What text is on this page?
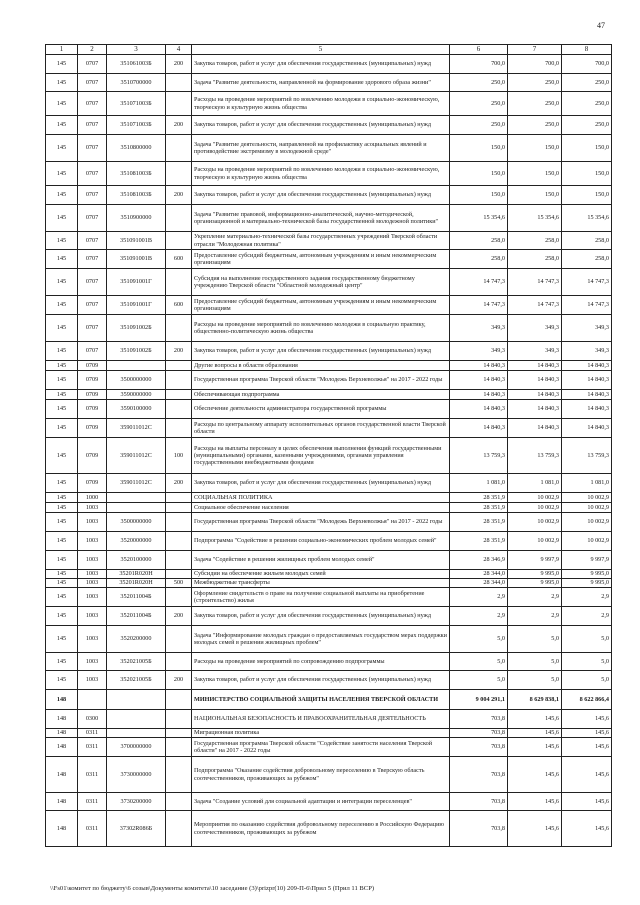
47
1	2	3	4	5	6	7	8
145	0707	351061003Б	200	Закупка товаров, работ и услуг для обеспечения государственных (муниципальных) нужд	700,0	700,0	700,0
145	0707	3510700000		Задача "Развитие деятельности, направленной на формирование здорового образа жизни"	250,0	250,0	250,0
145	0707	351071003Б		Расходы на проведение мероприятий по вовлечению молодежи в социально-экономическую, творческую и культурную жизнь общества	250,0	250,0	250,0
145	0707	351071003Б	200	Закупка товаров, работ и услуг для обеспечения государственных (муниципальных) нужд	250,0	250,0	250,0
145	0707	3510800000		Задача "Развитие деятельности, направленной на профилактику асоциальных явлений и противодействие экстремизму в молодежной среде"	150,0	150,0	150,0
145	0707	351081003Б		Расходы на проведение мероприятий по вовлечению молодежи в социально-экономическую, творческую и культурную жизнь общества	150,0	150,0	150,0
145	0707	351081003Б	200	Закупка товаров, работ и услуг для обеспечения государственных (муниципальных) нужд	150,0	150,0	150,0
145	0707	3510900000		Задача "Развитие правовой, информационно-аналитической, научно-методической, организационной и материально-технической базы государственной молодежной политики"	15 354,6	15 354,6	15 354,6
145	0707	351091001В		Укрепление материально-технической базы государственных учреждений Тверской области отрасли "Молодежная политика"	258,0	258,0	258,0
145	0707	351091001В	600	Предоставление субсидий бюджетным, автономным учреждениям и иным некоммерческим организациям	258,0	258,0	258,0
145	0707	351091001Г		Субсидия на выполнение государственного задания государственному бюджетному учреждению Тверской области "Областной молодежный центр"	14 747,3	14 747,3	14 747,3
145	0707	351091001Г	600	Предоставление субсидий бюджетным, автономным учреждениям и иным некоммерческим организациям	14 747,3	14 747,3	14 747,3
145	0707	351091002Б		Расходы на проведение мероприятий по вовлечению молодежи в социальную практику, общественно-политическую жизнь общества	349,3	349,3	349,3
145	0707	351091002Б	200	Закупка товаров, работ и услуг для обеспечения государственных (муниципальных) нужд	349,3	349,3	349,3
145	0709			Другие вопросы в области образования	14 840,3	14 840,3	14 840,3
145	0709	3500000000		Государственная программа Тверской области "Молодежь Верхневолжья" на 2017 - 2022 годы	14 840,3	14 840,3	14 840,3
145	0709	3590000000		Обеспечивающая подпрограмма	14 840,3	14 840,3	14 840,3
145	0709	3590100000		Обеспечение деятельности администратора государственной программы	14 840,3	14 840,3	14 840,3
145	0709	359011012С		Расходы по центральному аппарату исполнительных органов государственной власти Тверской области	14 840,3	14 840,3	14 840,3
145	0709	359011012С	100	Расходы на выплаты персоналу в целях обеспечения выполнения функций государственными (муниципальными) органами, казенными учреждениями, органами управления государственными внебюджетными фондами	13 759,3	13 759,3	13 759,3
145	0709	359011012С	200	Закупка товаров, работ и услуг для обеспечения государственных (муниципальных) нужд	1 081,0	1 081,0	1 081,0
145	1000			СОЦИАЛЬНАЯ ПОЛИТИКА	28 351,9	10 002,9	10 002,9
145	1003			Социальное обеспечение населения	28 351,9	10 002,9	10 002,9
145	1003	3500000000		Государственная программа Тверской области "Молодежь Верхневолжья" на 2017 - 2022 годы	28 351,9	10 002,9	10 002,9
145	1003	3520000000		Подпрограмма "Содействие в решении социально-экономических проблем молодых семей"	28 351,9	10 002,9	10 002,9
145	1003	3520100000		Задача "Содействие в решении жилищных проблем молодых семей"	28 346,9	9 997,9	9 997,9
145	1003	35201R020H		Субсидии на обеспечение жильем молодых семей	28 344,0	9 995,0	9 995,0
145	1003	35201R020H	500	Межбюджетные трансферты	28 344,0	9 995,0	9 995,0
145	1003	352011004Б		Оформление свидетельств о праве на получение социальной выплаты на приобретение (строительство) жилья	2,9	2,9	2,9
145	1003	352011004Б	200	Закупка товаров, работ и услуг для обеспечения государственных (муниципальных) нужд	2,9	2,9	2,9
145	1003	3520200000		Задача "Информирование молодых граждан о предоставляемых государством мерах поддержки молодых семей в решении жилищных проблем"	5,0	5,0	5,0
145	1003	352021005Б		Расходы на проведение мероприятий по сопровождению подпрограммы	5,0	5,0	5,0
145	1003	352021005Б	200	Закупка товаров, работ и услуг для обеспечения государственных (муниципальных) нужд	5,0	5,0	5,0
148				МИНИСТЕРСТВО СОЦИАЛЬНОЙ ЗАЩИТЫ НАСЕЛЕНИЯ ТВЕРСКОЙ ОБЛАСТИ	9 004 291,1	8 629 838,1	8 622 866,4
148	0300			НАЦИОНАЛЬНАЯ БЕЗОПАСНОСТЬ И ПРАВООХРАНИТЕЛЬНАЯ ДЕЯТЕЛЬНОСТЬ	703,8	145,6	145,6
148	0311			Миграционная политика	703,8	145,6	145,6
148	0311	3700000000		Государственная программа Тверской области "Содействие занятости населения Тверской области" на 2017 - 2022 годы	703,8	145,6	145,6
148	0311	3730000000		Подпрограмма "Оказание содействия добровольному переселению в Тверскую область соотечественников, проживающих за рубежом"	703,8	145,6	145,6
148	0311	3730200000		Задача "Создание условий для социальной адаптации и интеграции переселенцев"	703,8	145,6	145,6
148	0311	37302R086Б		Мероприятия по оказанию содействия добровольному переселению в Российскую Федерацию соотечественников, проживающих за рубежом	703,8	145,6	145,6
\\Fs01\комитет по бюджету\6 созыв\Документы комитета\10 заседание (3)\prizpr(10) 209-П-6\Прил 5 (Прил 11 ВСР)
